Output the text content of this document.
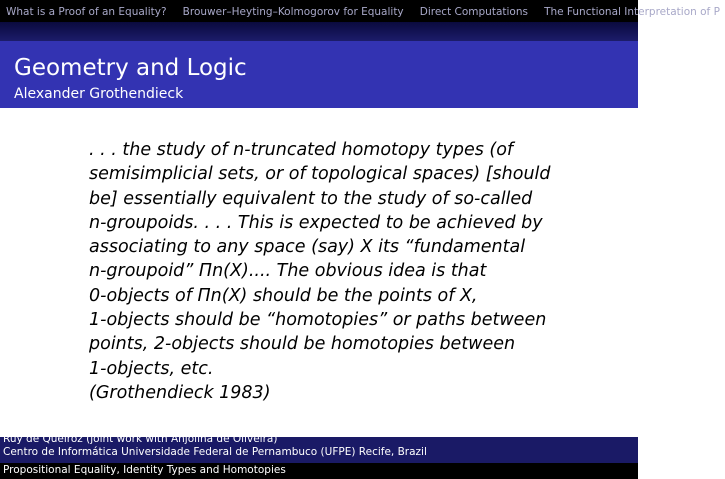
What is a Proof of an Equality? Brouwer–Heyting–Kolmogorov for Equality Direct Computations The Functional Interpretation of P
Geometry and Logic
Alexander Grothendieck
. . . the study of n-truncated homotopy types (of
semisimplicial sets, or of topological spaces) [should
be] essentially equivalent to the study of so-called
n-groupoids. . . . This is expected to be achieved by
associating to any space (say) X its “fundamental
n-groupoid” Πn(X).... The obvious idea is that
0-objects of Πn(X) should be the points of X,
1-objects should be “homotopies” or paths between
points, 2-objects should be homotopies between
1-objects, etc.
(Grothendieck 1983)
Ruy de Queiroz (joint work with Anjolina de Oliveira)
Centro de Informática Universidade Federal de Pernambuco (UFPE) Recife, Brazil
Propositional Equality, Identity Types and Homotopies
